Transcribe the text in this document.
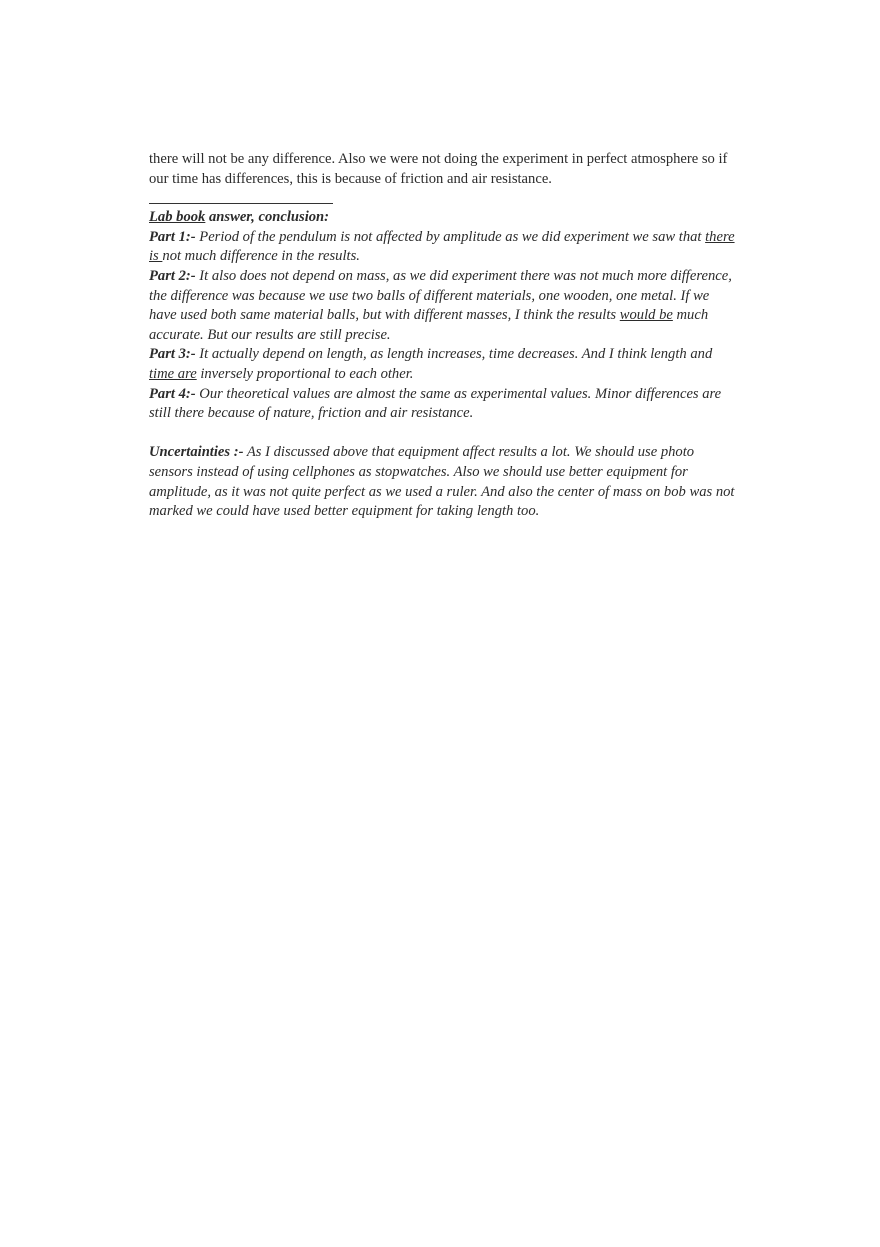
there will not be any difference. Also we were not doing the experiment in perfect atmosphere so if our time has differences, this is because of friction and air resistance.

Lab book answer, conclusion:

Part 1:- Period of the pendulum is not affected by amplitude as we did experiment we saw that there is not much difference in the results.

Part 2:- It also does not depend on mass, as we did experiment there was not much more difference, the difference was because we use two balls of different materials, one wooden, one metal. If we have used both same material balls, but with different masses, I think the results would be much accurate. But our results are still precise.

Part 3:- It actually depend on length, as length increases, time decreases. And I think length and time are inversely proportional to each other.

Part 4:- Our theoretical values are almost the same as experimental values. Minor differences are still there because of nature, friction and air resistance.

Uncertainties :- As I discussed above that equipment affect results a lot. We should use photo sensors instead of using cellphones as stopwatches. Also we should use better equipment for amplitude, as it was not quite perfect as we used a ruler. And also the center of mass on bob was not marked we could have used better equipment for taking length too.
